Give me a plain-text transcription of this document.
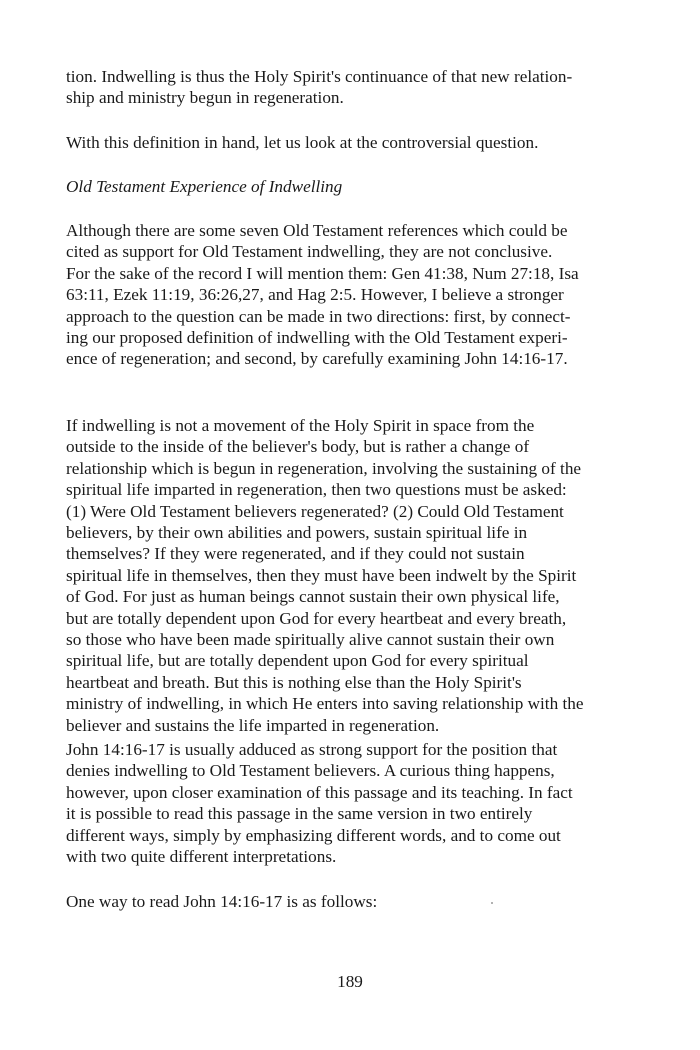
tion. Indwelling is thus the Holy Spirit's continuance of that new relation-
ship and ministry begun in regeneration.

With this definition in hand, let us look at the controversial question.

Old Testament Experience of Indwelling

Although there are some seven Old Testament references which could be
cited as support for Old Testament indwelling, they are not conclusive.
For the sake of the record I will mention them: Gen 41:38, Num 27:18, Isa
63:11, Ezek 11:19, 36:26,27, and Hag 2:5. However, I believe a stronger
approach to the question can be made in two directions: first, by connect-
ing our proposed definition of indwelling with the Old Testament experi-
ence of regeneration; and second, by carefully examining John 14:16-17.

If indwelling is not a movement of the Holy Spirit in space from the
outside to the inside of the believer's body, but is rather a change of
relationship which is begun in regeneration, involving the sustaining of the
spiritual life imparted in regeneration, then two questions must be asked:
(1) Were Old Testament believers regenerated? (2) Could Old Testament
believers, by their own abilities and powers, sustain spiritual life in
themselves? If they were regenerated, and if they could not sustain
spiritual life in themselves, then they must have been indwelt by the Spirit
of God. For just as human beings cannot sustain their own physical life,
but are totally dependent upon God for every heartbeat and every breath,
so those who have been made spiritually alive cannot sustain their own
spiritual life, but are totally dependent upon God for every spiritual
heartbeat and breath. But this is nothing else than the Holy Spirit's
ministry of indwelling, in which He enters into saving relationship with the
believer and sustains the life imparted in regeneration.

John 14:16-17 is usually adduced as strong support for the position that
denies indwelling to Old Testament believers. A curious thing happens,
however, upon closer examination of this passage and its teaching. In fact
it is possible to read this passage in the same version in two entirely
different ways, simply by emphasizing different words, and to come out
with two quite different interpretations.

One way to read John 14:16-17 is as follows:

189
